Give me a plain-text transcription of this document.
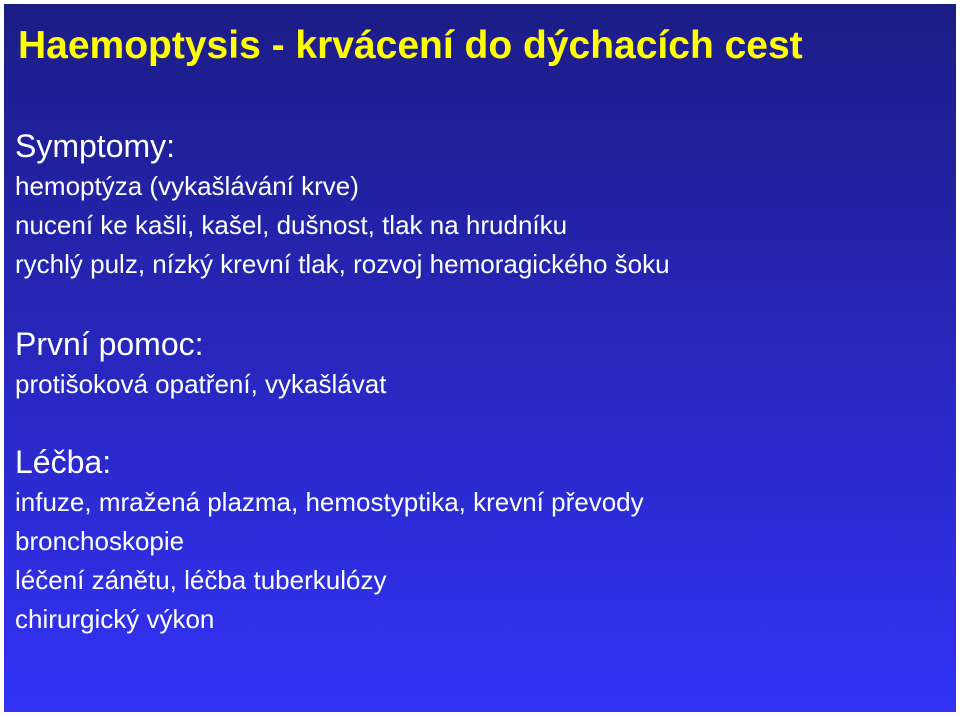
Haemoptysis - krvácení do dýchacích cest

Symptomy:

hemoptýza (vykašlávání krve)

nucení ke kašli, kašel, dušnost, tlak na hrudníku

rychlý pulz, nízký krevní tlak, rozvoj hemoragického šoku

První pomoc:

protišoková opatření, vykašlávat

Léčba:

infuze, mražená plazma, hemostyptika, krevní převody

bronchoskopie

léčení zánětu, léčba tuberkulózy

chirurgický výkon
